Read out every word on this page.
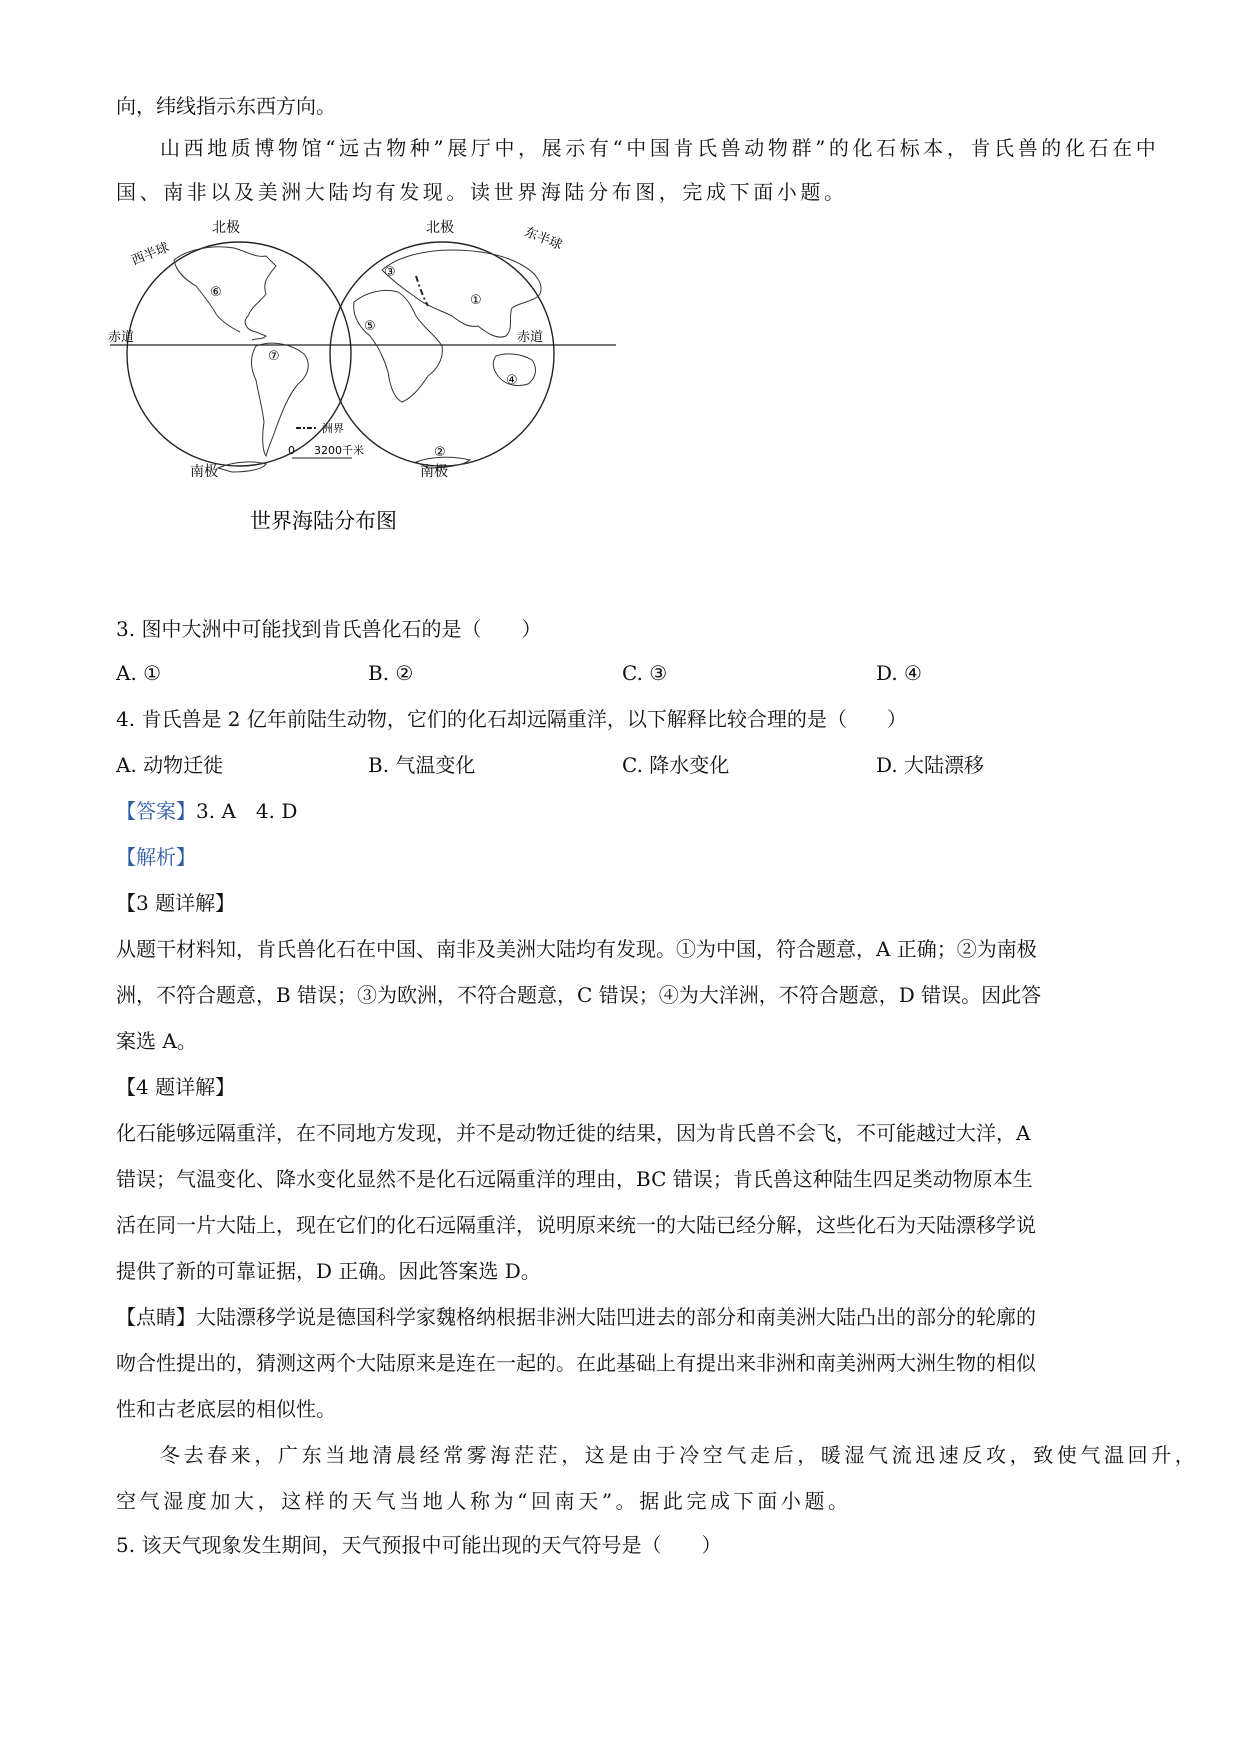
向，纬线指示东西方向。
山西地质博物馆“远古物种”展厅中，展示有“中国肯氏兽动物群”的化石标本，肯氏兽的化石在中
国、南非以及美洲大陆均有发现。读世界海陆分布图，完成下面小题。
北极	北极
西半球
东半球
赤道	赤道
南极	南极
①
②
③
④
⑤
⑥
⑦
洲界
0 3200千米
世界海陆分布图
3. 图中大洲中可能找到肯氏兽化石的是（ ）
A. ①	B. ②	C. ③	D. ④
4. 肯氏兽是 2 亿年前陆生动物，它们的化石却远隔重洋，以下解释比较合理的是（ ）
A. 动物迁徙	B. 气温变化	C. 降水变化	D. 大陆漂移
【答案】3. A　4. D
【解析】
【3 题详解】
从题干材料知，肯氏兽化石在中国、南非及美洲大陆均有发现。①为中国，符合题意，A 正确；②为南极
洲，不符合题意，B 错误；③为欧洲，不符合题意，C 错误；④为大洋洲，不符合题意，D 错误。因此答
案选 A。
【4 题详解】
化石能够远隔重洋，在不同地方发现，并不是动物迁徙的结果，因为肯氏兽不会飞，不可能越过大洋，A
错误；气温变化、降水变化显然不是化石远隔重洋的理由，BC 错误；肯氏兽这种陆生四足类动物原本生
活在同一片大陆上，现在它们的化石远隔重洋，说明原来统一的大陆已经分解，这些化石为天陆漂移学说
提供了新的可靠证据，D 正确。因此答案选 D。
【点睛】大陆漂移学说是德国科学家魏格纳根据非洲大陆凹进去的部分和南美洲大陆凸出的部分的轮廓的
吻合性提出的，猜测这两个大陆原来是连在一起的。在此基础上有提出来非洲和南美洲两大洲生物的相似
性和古老底层的相似性。
冬去春来，广东当地清晨经常雾海茫茫，这是由于冷空气走后，暖湿气流迅速反攻，致使气温回升，
空气湿度加大，这样的天气当地人称为“回南天”。据此完成下面小题。
5. 该天气现象发生期间，天气预报中可能出现的天气符号是（ ）
